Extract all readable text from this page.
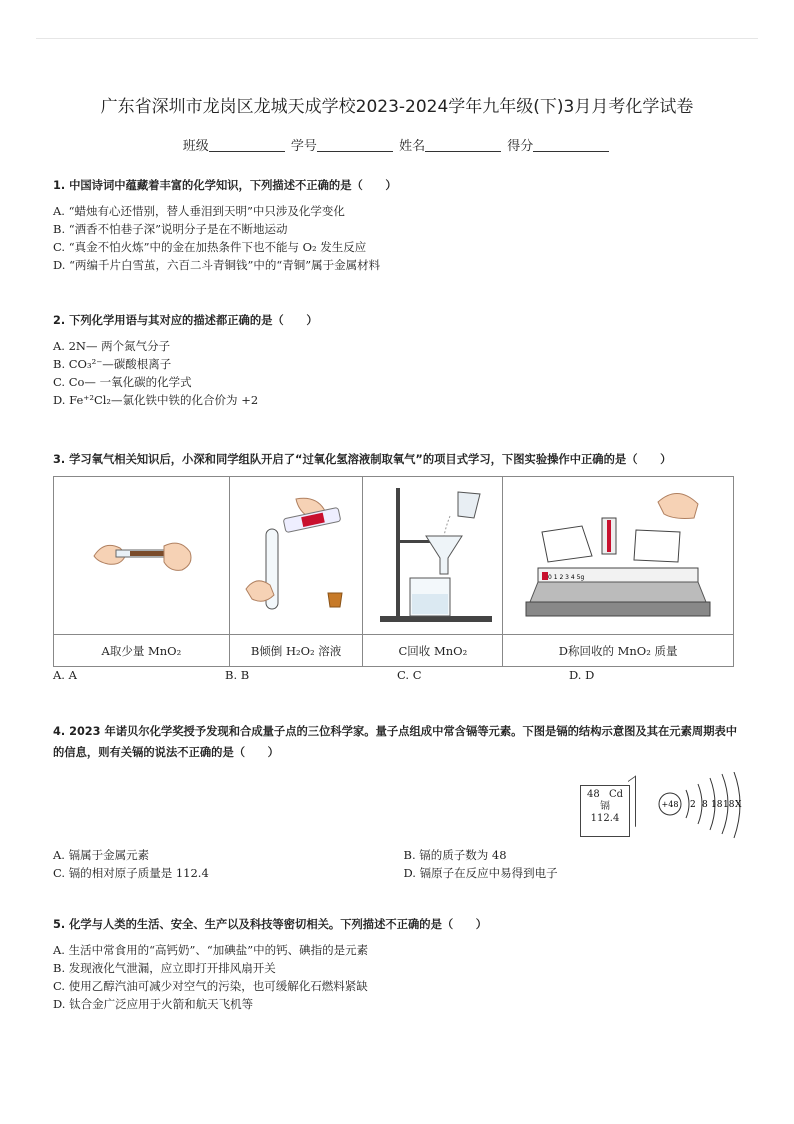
广东省深圳市龙岗区龙城天成学校2023-2024学年九年级(下)3月月考化学试卷
班级	学号	姓名	得分
1. 中国诗词中蕴藏着丰富的化学知识，下列描述不正确的是（　　）
A. “蜡烛有心还惜别，替人垂泪到天明”中只涉及化学变化
B. “酒香不怕巷子深”说明分子是在不断地运动
C. “真金不怕火炼”中的金在加热条件下也不能与 O₂ 发生反应
D. “两编千片白雪茧，六百二斗青铜钱”中的“青铜”属于金属材料
2. 下列化学用语与其对应的描述都正确的是（　　）
A. 2N— 两个氮气分子
B. CO₃²⁻—碳酸根离子
C. Co— 一氧化碳的化学式
D. Fe⁺²Cl₂—氯化铁中铁的化合价为 +2
3. 学习氧气相关知识后，小深和同学组队开启了“过氧化氢溶液制取氧气”的项目式学习，下图实验操作中正确的是（　　）

0 1 2 3 4 5g

A取少量 MnO₂	B倾倒 H₂O₂ 溶液	C回收 MnO₂	D称回收的 MnO₂ 质量
A. A	B. B	C. C	D. D
4. 2023 年诺贝尔化学奖授予发现和合成量子点的三位科学家。量子点组成中常含镉等元素。下图是镉的结构示意图及其在元素周期表中的信息，则有关镉的说法不正确的是（　　）
48 Cd
镉
112.4
+48 2 8 18 18 X
A. 镉属于金属元素	B. 镉的质子数为 48
C. 镉的相对原子质量是 112.4	D. 镉原子在反应中易得到电子
5. 化学与人类的生活、安全、生产以及科技等密切相关。下列描述不正确的是（　　）
A. 生活中常食用的“高钙奶”、“加碘盐”中的钙、碘指的是元素
B. 发现液化气泄漏，应立即打开排风扇开关
C. 使用乙醇汽油可减少对空气的污染，也可缓解化石燃料紧缺
D. 钛合金广泛应用于火箭和航天飞机等
